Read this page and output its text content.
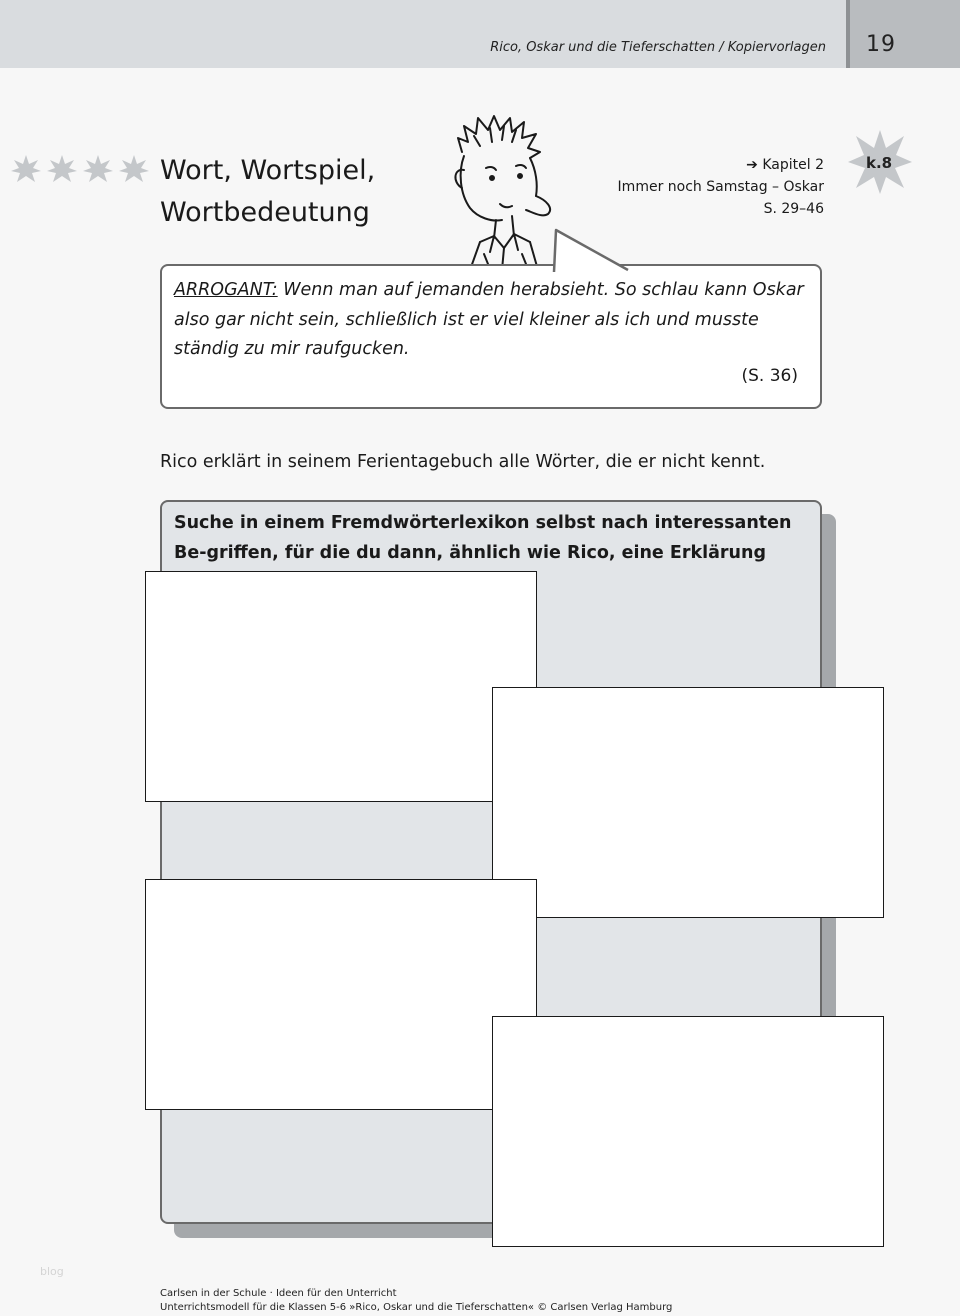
Rico, Oskar und die Tieferschatten / Kopiervorlagen 19
k.8
Wort, Wortspiel,
Wortbedeutung
➔ Kapitel 2
Immer noch Samstag – Oskar
S. 29–46
ARROGANT: Wenn man auf jemanden herabsieht. So schlau kann Oskar also gar nicht sein, schließlich ist er viel kleiner als ich und musste ständig zu mir raufgucken.
(S. 36)
Rico erklärt in seinem Ferientagebuch alle Wörter, die er nicht kennt.
Suche in einem Fremdwörterlexikon selbst nach interessanten Be-griffen, für die du dann, ähnlich wie Rico, eine Erklärung
blog
Carlsen in der Schule · Ideen für den Unterricht
Unterrichtsmodell für die Klassen 5-6 »Rico, Oskar und die Tieferschatten« © Carlsen Verlag Hamburg
